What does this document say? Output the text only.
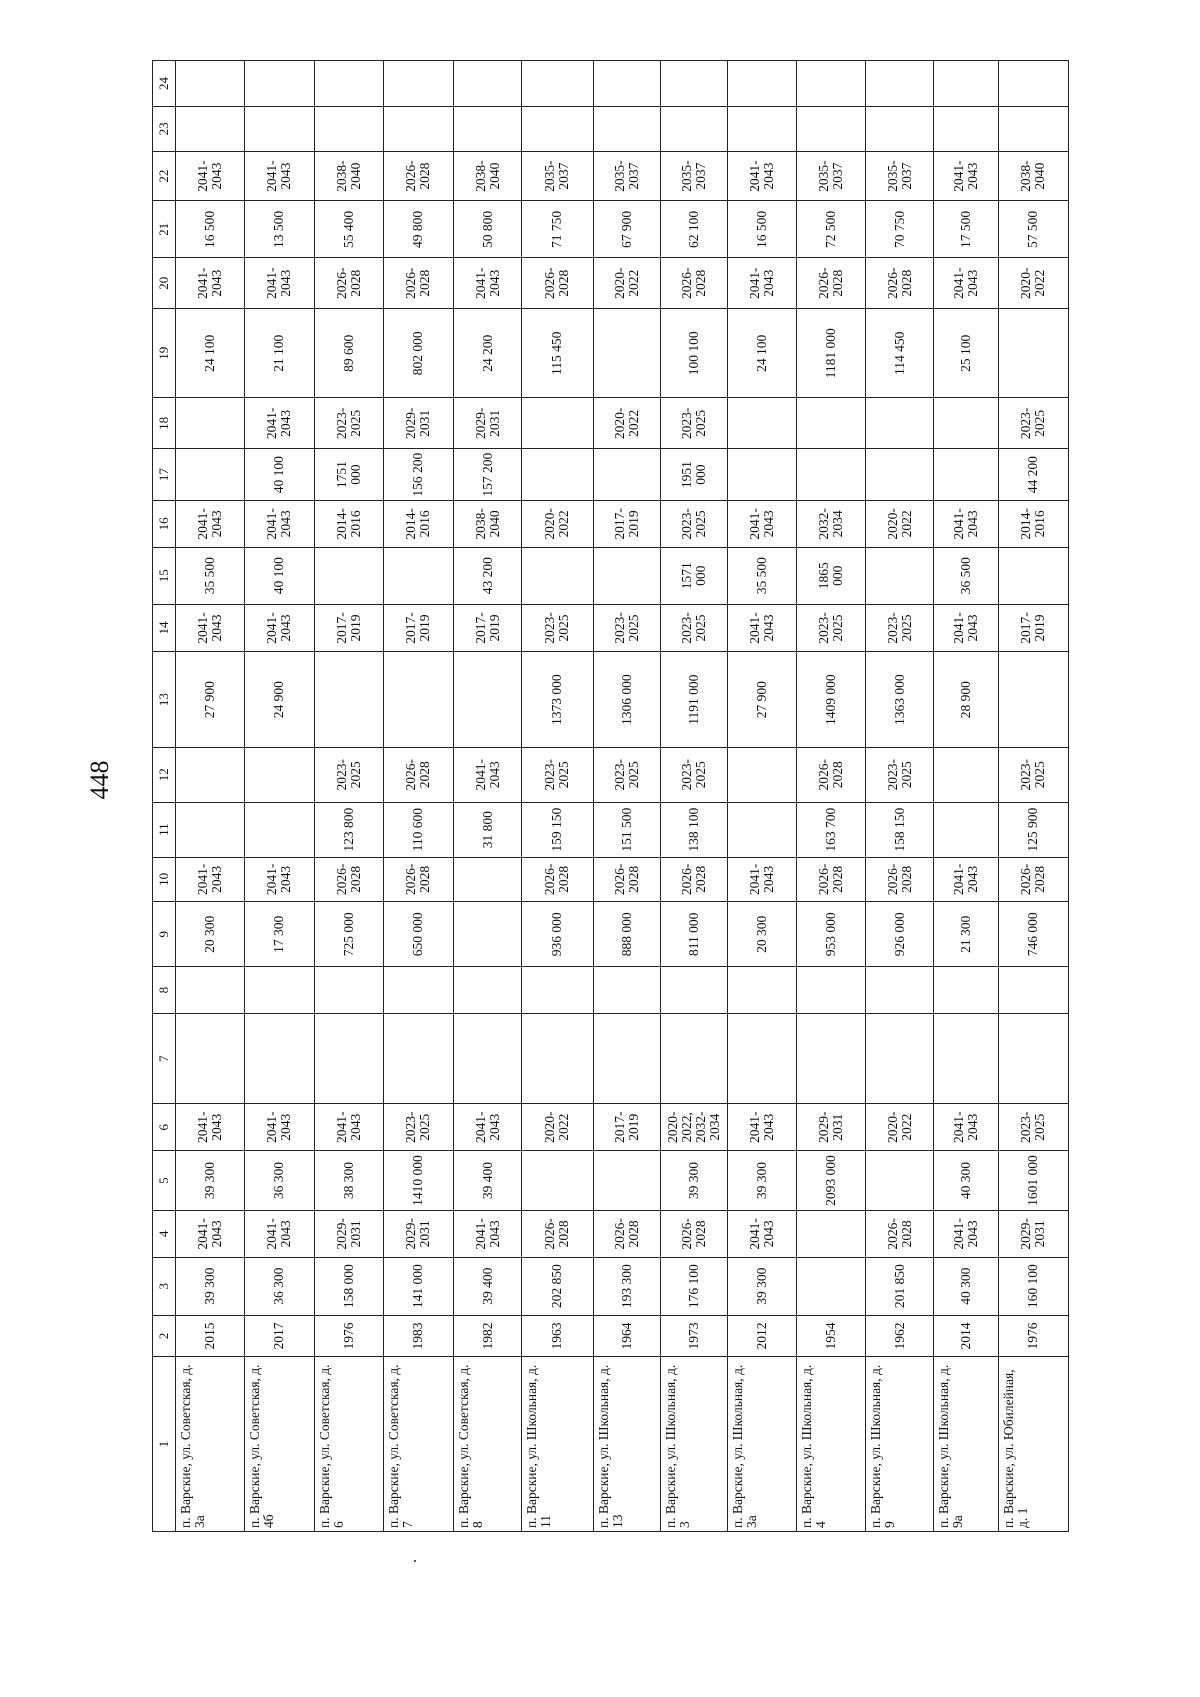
448
1	2	3	4	5	6	7	8	9	10	11	12	13	14	15	16	17	18	19	20	21	22	23	24
п. Варские, ул. Советская, д. 3а	2015	39 300	2041-
2043	39 300	2041-
2043			20 300	2041-
2043			27 900	2041-
2043	35 500	2041-
2043			24 100	2041-
2043	16 500	2041-
2043		
п. Варские, ул. Советская, д. 4б	2017	36 300	2041-
2043	36 300	2041-
2043			17 300	2041-
2043			24 900	2041-
2043	40 100	2041-
2043	40 100	2041-
2043	21 100	2041-
2043	13 500	2041-
2043		
п. Варские, ул. Советская, д. 6	1976	158 000	2029-
2031	38 300	2041-
2043			725 000	2026-
2028	123 800	2023-
2025		2017-
2019		2014-
2016	1751 000	2023-
2025	89 600	2026-
2028	55 400	2038-
2040		
п. Варские, ул. Советская, д. 7	1983	141 000	2029-
2031	1410 000	2023-
2025			650 000	2026-
2028	110 600	2026-
2028		2017-
2019		2014-
2016	156 200	2029-
2031	802 000	2026-
2028	49 800	2026-
2028		
п. Варские, ул. Советская, д. 8	1982	39 400	2041-
2043	39 400	2041-
2043					31 800	2041-
2043		2017-
2019	43 200	2038-
2040	157 200	2029-
2031	24 200	2041-
2043	50 800	2038-
2040		
п. Варские, ул. Школьная, д. 11	1963	202 850	2026-
2028		2020-
2022			936 000	2026-
2028	159 150	2023-
2025	1373 000	2023-
2025		2020-
2022			115 450	2026-
2028	71 750	2035-
2037		
п. Варские, ул. Школьная, д. 13	1964	193 300	2026-
2028		2017-
2019			888 000	2026-
2028	151 500	2023-
2025	1306 000	2023-
2025		2017-
2019		2020-
2022		2020-
2022	67 900	2035-
2037		
п. Варские, ул. Школьная, д. 3	1973	176 100	2026-
2028	39 300	2020-
2022,
2032-
2034			811 000	2026-
2028	138 100	2023-
2025	1191 000	2023-
2025	1571 000	2023-
2025	1951 000	2023-
2025	100 100	2026-
2028	62 100	2035-
2037		
п. Варские, ул. Школьная, д. 3а	2012	39 300	2041-
2043	39 300	2041-
2043			20 300	2041-
2043			27 900	2041-
2043	35 500	2041-
2043			24 100	2041-
2043	16 500	2041-
2043		
п. Варские, ул. Школьная, д. 4	1954			2093 000	2029-
2031			953 000	2026-
2028	163 700	2026-
2028	1409 000	2023-
2025	1865 000	2032-
2034			1181 000	2026-
2028	72 500	2035-
2037		
п. Варские, ул. Школьная, д. 9	1962	201 850	2026-
2028		2020-
2022			926 000	2026-
2028	158 150	2023-
2025	1363 000	2023-
2025		2020-
2022			114 450	2026-
2028	70 750	2035-
2037		
п. Варские, ул. Школьная, д. 9а	2014	40 300	2041-
2043	40 300	2041-
2043			21 300	2041-
2043			28 900	2041-
2043	36 500	2041-
2043			25 100	2041-
2043	17 500	2041-
2043		
п. Варские, ул. Юбилейная, д. 1	1976	160 100	2029-
2031	1601 000	2023-
2025			746 000	2026-
2028	125 900	2023-
2025		2017-
2019		2014-
2016	44 200	2023-
2025		2020-
2022	57 500	2038-
2040		
